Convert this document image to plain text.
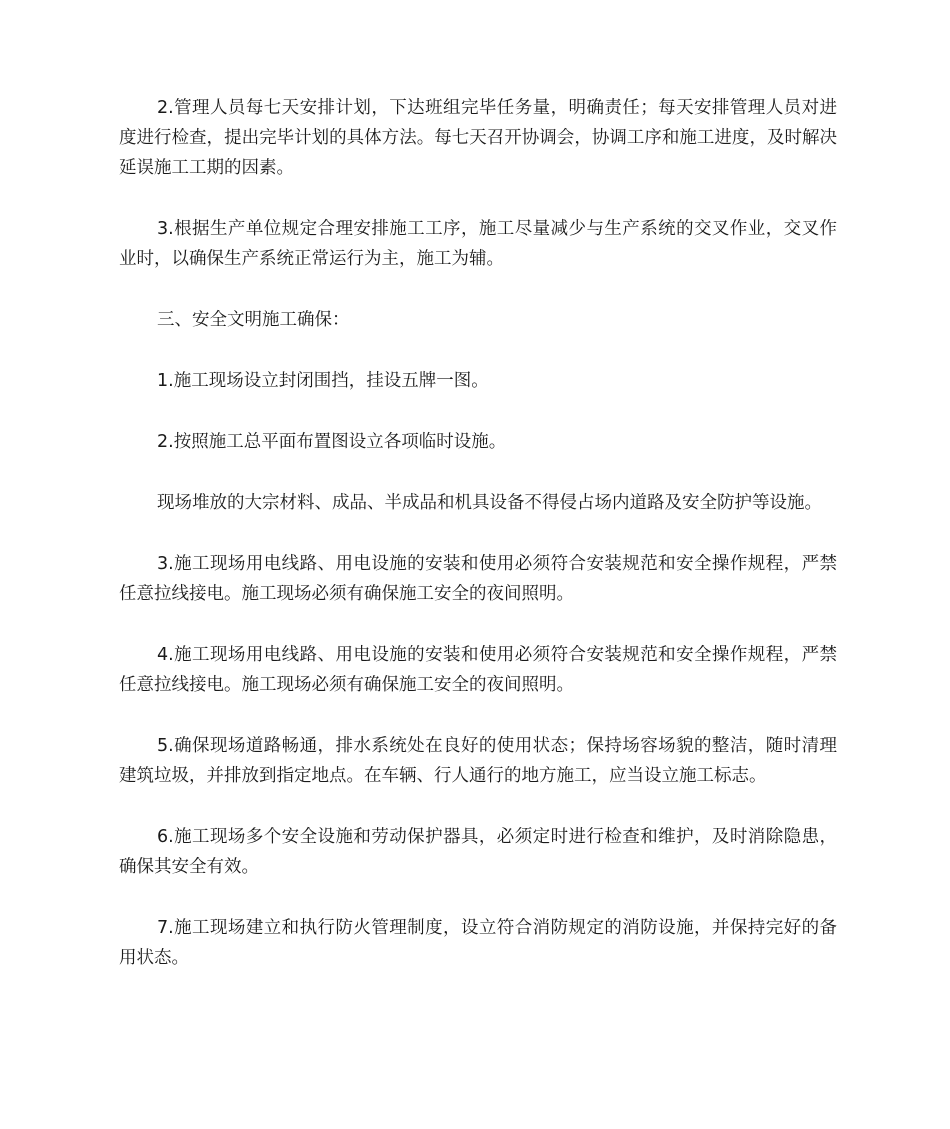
2.管理人员每七天安排计划，下达班组完毕任务量，明确责任；每天安排管理人员对进度进行检查，提出完毕计划的具体方法。每七天召开协调会，协调工序和施工进度，及时解决延误施工工期的因素。

3.根据生产单位规定合理安排施工工序，施工尽量减少与生产系统的交叉作业，交叉作业时，以确保生产系统正常运行为主，施工为辅。

三、安全文明施工确保：

1.施工现场设立封闭围挡，挂设五牌一图。

2.按照施工总平面布置图设立各项临时设施。

现场堆放的大宗材料、成品、半成品和机具设备不得侵占场内道路及安全防护等设施。

3.施工现场用电线路、用电设施的安装和使用必须符合安装规范和安全操作规程，严禁任意拉线接电。施工现场必须有确保施工安全的夜间照明。

4.施工现场用电线路、用电设施的安装和使用必须符合安装规范和安全操作规程，严禁任意拉线接电。施工现场必须有确保施工安全的夜间照明。

5.确保现场道路畅通，排水系统处在良好的使用状态；保持场容场貌的整洁，随时清理建筑垃圾，并排放到指定地点。在车辆、行人通行的地方施工，应当设立施工标志。

6.施工现场多个安全设施和劳动保护器具，必须定时进行检查和维护，及时消除隐患，确保其安全有效。

7.施工现场建立和执行防火管理制度，设立符合消防规定的消防设施，并保持完好的备用状态。
